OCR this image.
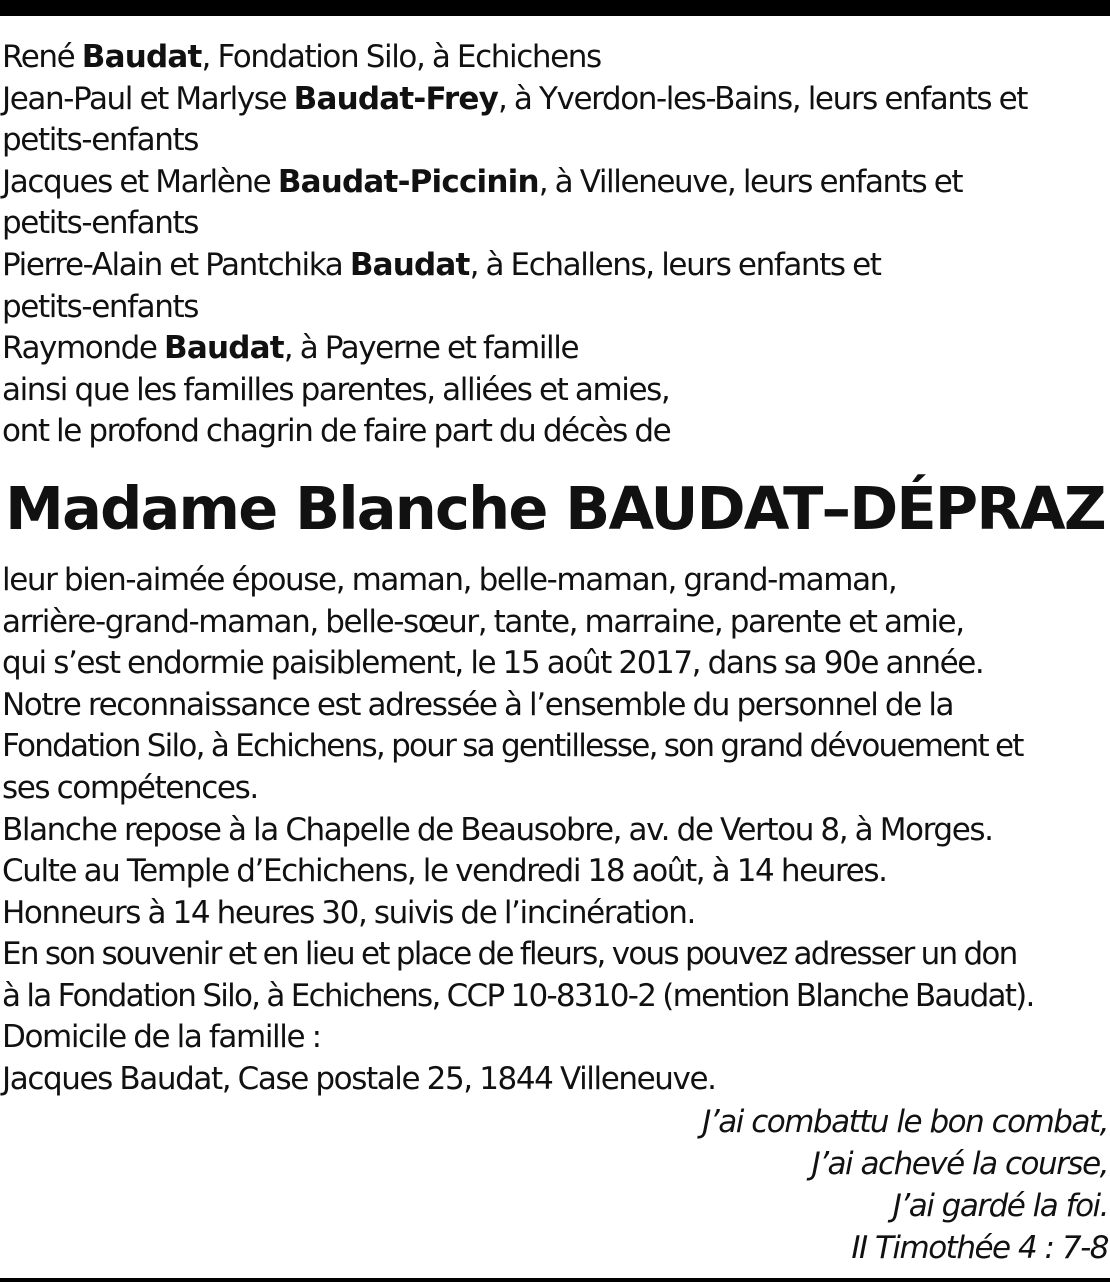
René Baudat, Fondation Silo, à Echichens
Jean-Paul et Marlyse Baudat-Frey, à Yverdon-les-Bains, leurs enfants et
petits-enfants
Jacques et Marlène Baudat-Piccinin, à Villeneuve, leurs enfants et
petits-enfants
Pierre-Alain et Pantchika Baudat, à Echallens, leurs enfants et
petits-enfants
Raymonde Baudat, à Payerne et famille
ainsi que les familles parentes, alliées et amies,
ont le profond chagrin de faire part du décès de
Madame Blanche BAUDAT–DÉPRAZ
leur bien-aimée épouse, maman, belle-maman, grand-maman,
arrière-grand-maman, belle-sœur, tante, marraine, parente et amie,
qui s’est endormie paisiblement, le 15 août 2017, dans sa 90e année.
Notre reconnaissance est adressée à l’ensemble du personnel de la
Fondation Silo, à Echichens, pour sa gentillesse, son grand dévouement et
ses compétences.
Blanche repose à la Chapelle de Beausobre, av. de Vertou 8, à Morges.
Culte au Temple d’Echichens, le vendredi 18 août, à 14 heures.
Honneurs à 14 heures 30, suivis de l’incinération.
En son souvenir et en lieu et place de fleurs, vous pouvez adresser un don
à la Fondation Silo, à Echichens, CCP 10-8310-2 (mention Blanche Baudat).
Domicile de la famille :
Jacques Baudat, Case postale 25, 1844 Villeneuve.
J’ai combattu le bon combat,
J’ai achevé la course,
J’ai gardé la foi.
II Timothée 4 : 7-8
